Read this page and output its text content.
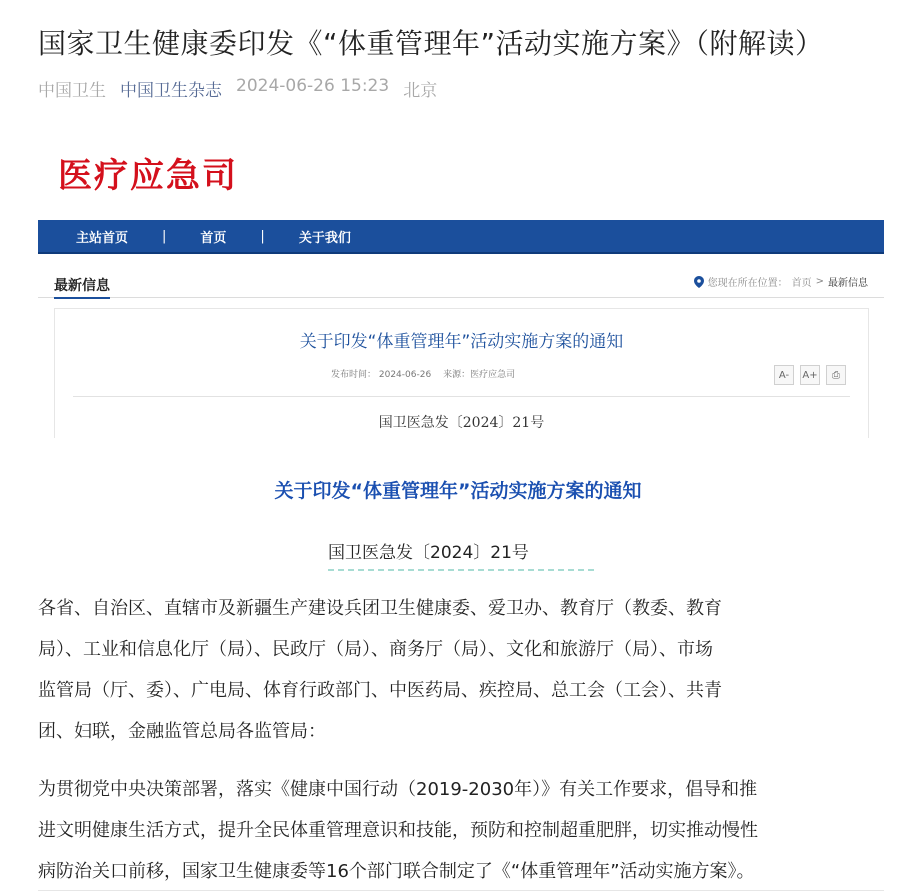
国家卫生健康委印发《“体重管理年”活动实施方案》（附解读）
中国卫生 中国卫生杂志 2024-06-26 15:23 北京
医疗应急司
主站首页	|	首页	|	关于我们
最新信息	您现在所在位置： 首页 > 最新信息
关于印发“体重管理年”活动实施方案的通知
发布时间： 2024-06-26 来源：医疗应急司	A-	A+	⎙
国卫医急发〔2024〕21号
关于印发“体重管理年”活动实施方案的通知
国卫医急发〔2024〕21号
各省、自治区、直辖市及新疆生产建设兵团卫生健康委、爱卫办、教育厅（教委、教育
局）、工业和信息化厅（局）、民政厅（局）、商务厅（局）、文化和旅游厅（局）、市场
监管局（厅、委）、广电局、体育行政部门、中医药局、疾控局、总工会（工会）、共青
团、妇联，金融监管总局各监管局：
为贯彻党中央决策部署，落实《健康中国行动（2019-2030年）》有关工作要求，倡导和推
进文明健康生活方式，提升全民体重管理意识和技能，预防和控制超重肥胖，切实推动慢性
病防治关口前移，国家卫生健康委等16个部门联合制定了《“体重管理年”活动实施方案》。
